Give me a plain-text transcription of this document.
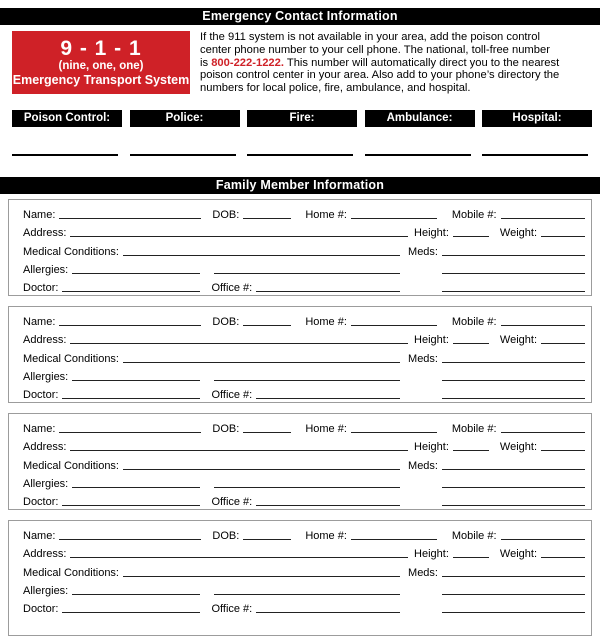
Emergency Contact Information
9 - 1 - 1
(nine, one, one)
Emergency Transport System
If the 911 system is not available in your area, add the poison control
center phone number to your cell phone. The national, toll-free number
is 800-222-1222. This number will automatically direct you to the nearest
poison control center in your area. Also add to your phone’s directory the
numbers for local police, fire, ambulance, and hospital.
Poison Control:	Police:	Fire:	Ambulance:	Hospital:
Family Member Information
Name:	DOB:	Home #:	Mobile #:
Address:	Height:	Weight:
Medical Conditions:	Meds:
Allergies:
Doctor:	Office #:
Name:	DOB:	Home #:	Mobile #:
Address:	Height:	Weight:
Medical Conditions:	Meds:
Allergies:
Doctor:	Office #:
Name:	DOB:	Home #:	Mobile #:
Address:	Height:	Weight:
Medical Conditions:	Meds:
Allergies:
Doctor:	Office #:
Name:	DOB:	Home #:	Mobile #:
Address:	Height:	Weight:
Medical Conditions:	Meds:
Allergies:
Doctor:	Office #:
